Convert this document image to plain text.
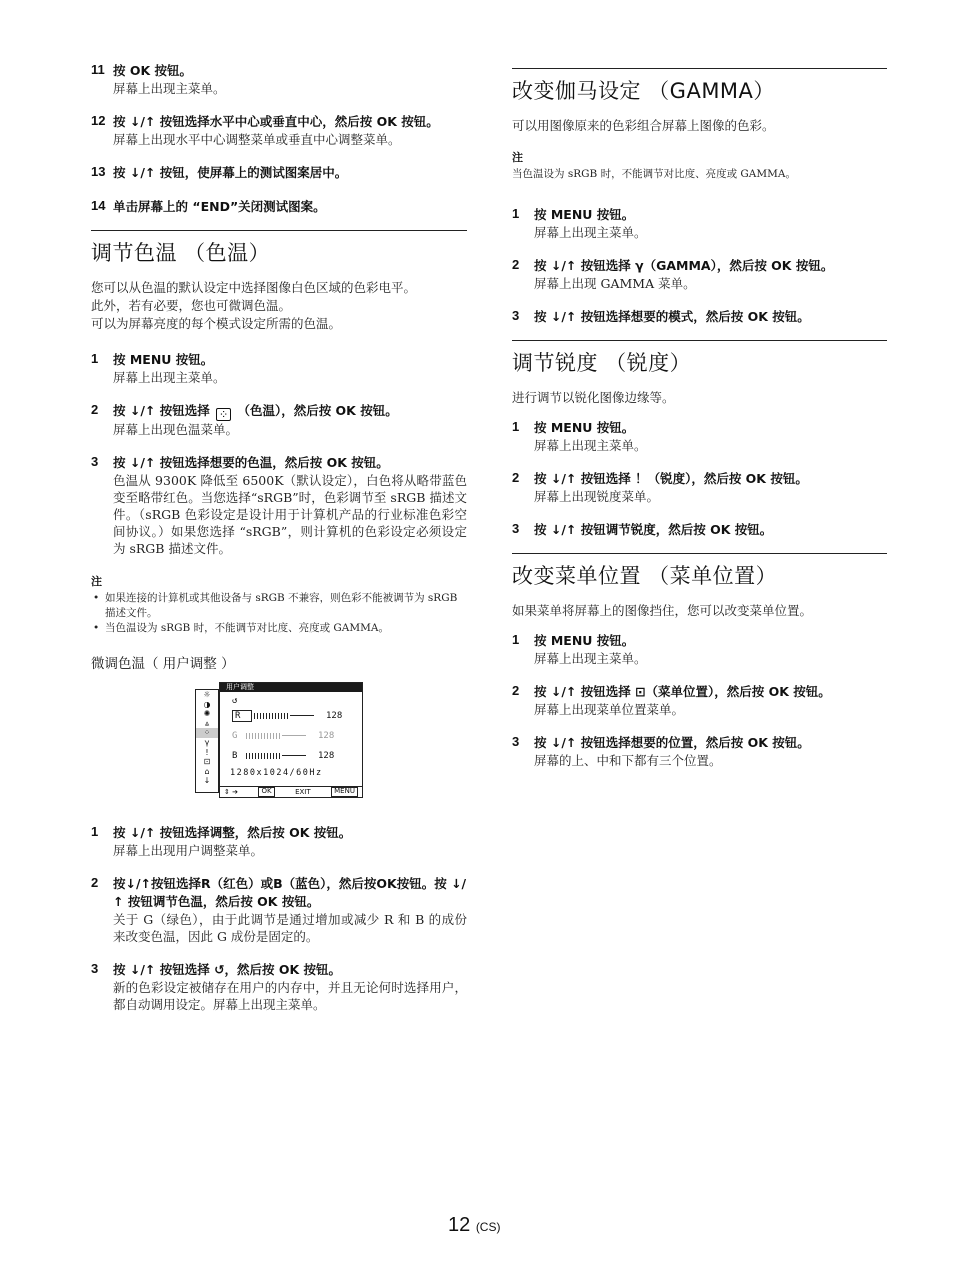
11 按 OK 按钮。
屏幕上出现主菜单。
12 按 ↓/↑ 按钮选择水平中心或垂直中心，然后按 OK 按钮。
屏幕上出现水平中心调整菜单或垂直中心调整菜单。
13 按 ↓/↑ 按钮，使屏幕上的测试图案居中。
14 单击屏幕上的 “END”关闭测试图案。
调节色温 （色温）
您可以从色温的默认设定中选择图像白色区域的色彩电平。
此外，若有必要，您也可微调色温。
可以为屏幕亮度的每个模式设定所需的色温。
1 按 MENU 按钮。
屏幕上出现主菜单。
2 按 ↓/↑ 按钮选择 ⁘ （色温），然后按 OK 按钮。
屏幕上出现色温菜单。
3 按 ↓/↑ 按钮选择想要的色温，然后按 OK 按钮。
色温从 9300K 降低至 6500K（默认设定），白色将从略带蓝色变至略带红色。当您选择“sRGB”时，色彩调节至 sRGB 描述文件。（sRGB 色彩设定是设计用于计算机产品的行业标准色彩空间协议。）如果您选择 “sRGB”，则计算机的色彩设定必须设定为 sRGB 描述文件。
注
• 如果连接的计算机或其他设备与 sRGB 不兼容，则色彩不能被调节为 sRGB 描述文件。
• 当色温设为 sRGB 时，不能调节对比度、亮度或 GAMMA。
微调色温（ 用户调整 ）
☼
◑
✺
⩓
⁘
γ
!
⊡
⌂
↓
用户调整
↺
R	128
G	128
B	128
1280x1024/60Hz
⇕ ➔	OK	EXIT	MENU
1 按 ↓/↑ 按钮选择调整，然后按 OK 按钮。
屏幕上出现用户调整菜单。
2 按↓/↑按钮选择R（红色）或B（蓝色），然后按OK按钮。按 ↓/↑ 按钮调节色温，然后按 OK 按钮。
关于 G（绿色），由于此调节是通过增加或减少 R 和 B 的成份来改变色温，因此 G 成份是固定的。
3 按 ↓/↑ 按钮选择 ↺，然后按 OK 按钮。
新的色彩设定被储存在用户的内存中，并且无论何时选择用户，都自动调用设定。屏幕上出现主菜单。
改变伽马设定 （GAMMA）
可以用图像原来的色彩组合屏幕上图像的色彩。
注
当色温设为 sRGB 时，不能调节对比度、亮度或 GAMMA。
1 按 MENU 按钮。
屏幕上出现主菜单。
2 按 ↓/↑ 按钮选择 γ（GAMMA），然后按 OK 按钮。
屏幕上出现 GAMMA 菜单。
3 按 ↓/↑ 按钮选择想要的模式，然后按 OK 按钮。
调节锐度 （锐度）
进行调节以锐化图像边缘等。
1 按 MENU 按钮。
屏幕上出现主菜单。
2 按 ↓/↑ 按钮选择 ！（锐度），然后按 OK 按钮。
屏幕上出现锐度菜单。
3 按 ↓/↑ 按钮调节锐度，然后按 OK 按钮。
改变菜单位置 （菜单位置）
如果菜单将屏幕上的图像挡住，您可以改变菜单位置。
1 按 MENU 按钮。
屏幕上出现主菜单。
2 按 ↓/↑ 按钮选择 ⊡（菜单位置），然后按 OK 按钮。
屏幕上出现菜单位置菜单。
3 按 ↓/↑ 按钮选择想要的位置，然后按 OK 按钮。
屏幕的上、中和下都有三个位置。
12 (CS)
